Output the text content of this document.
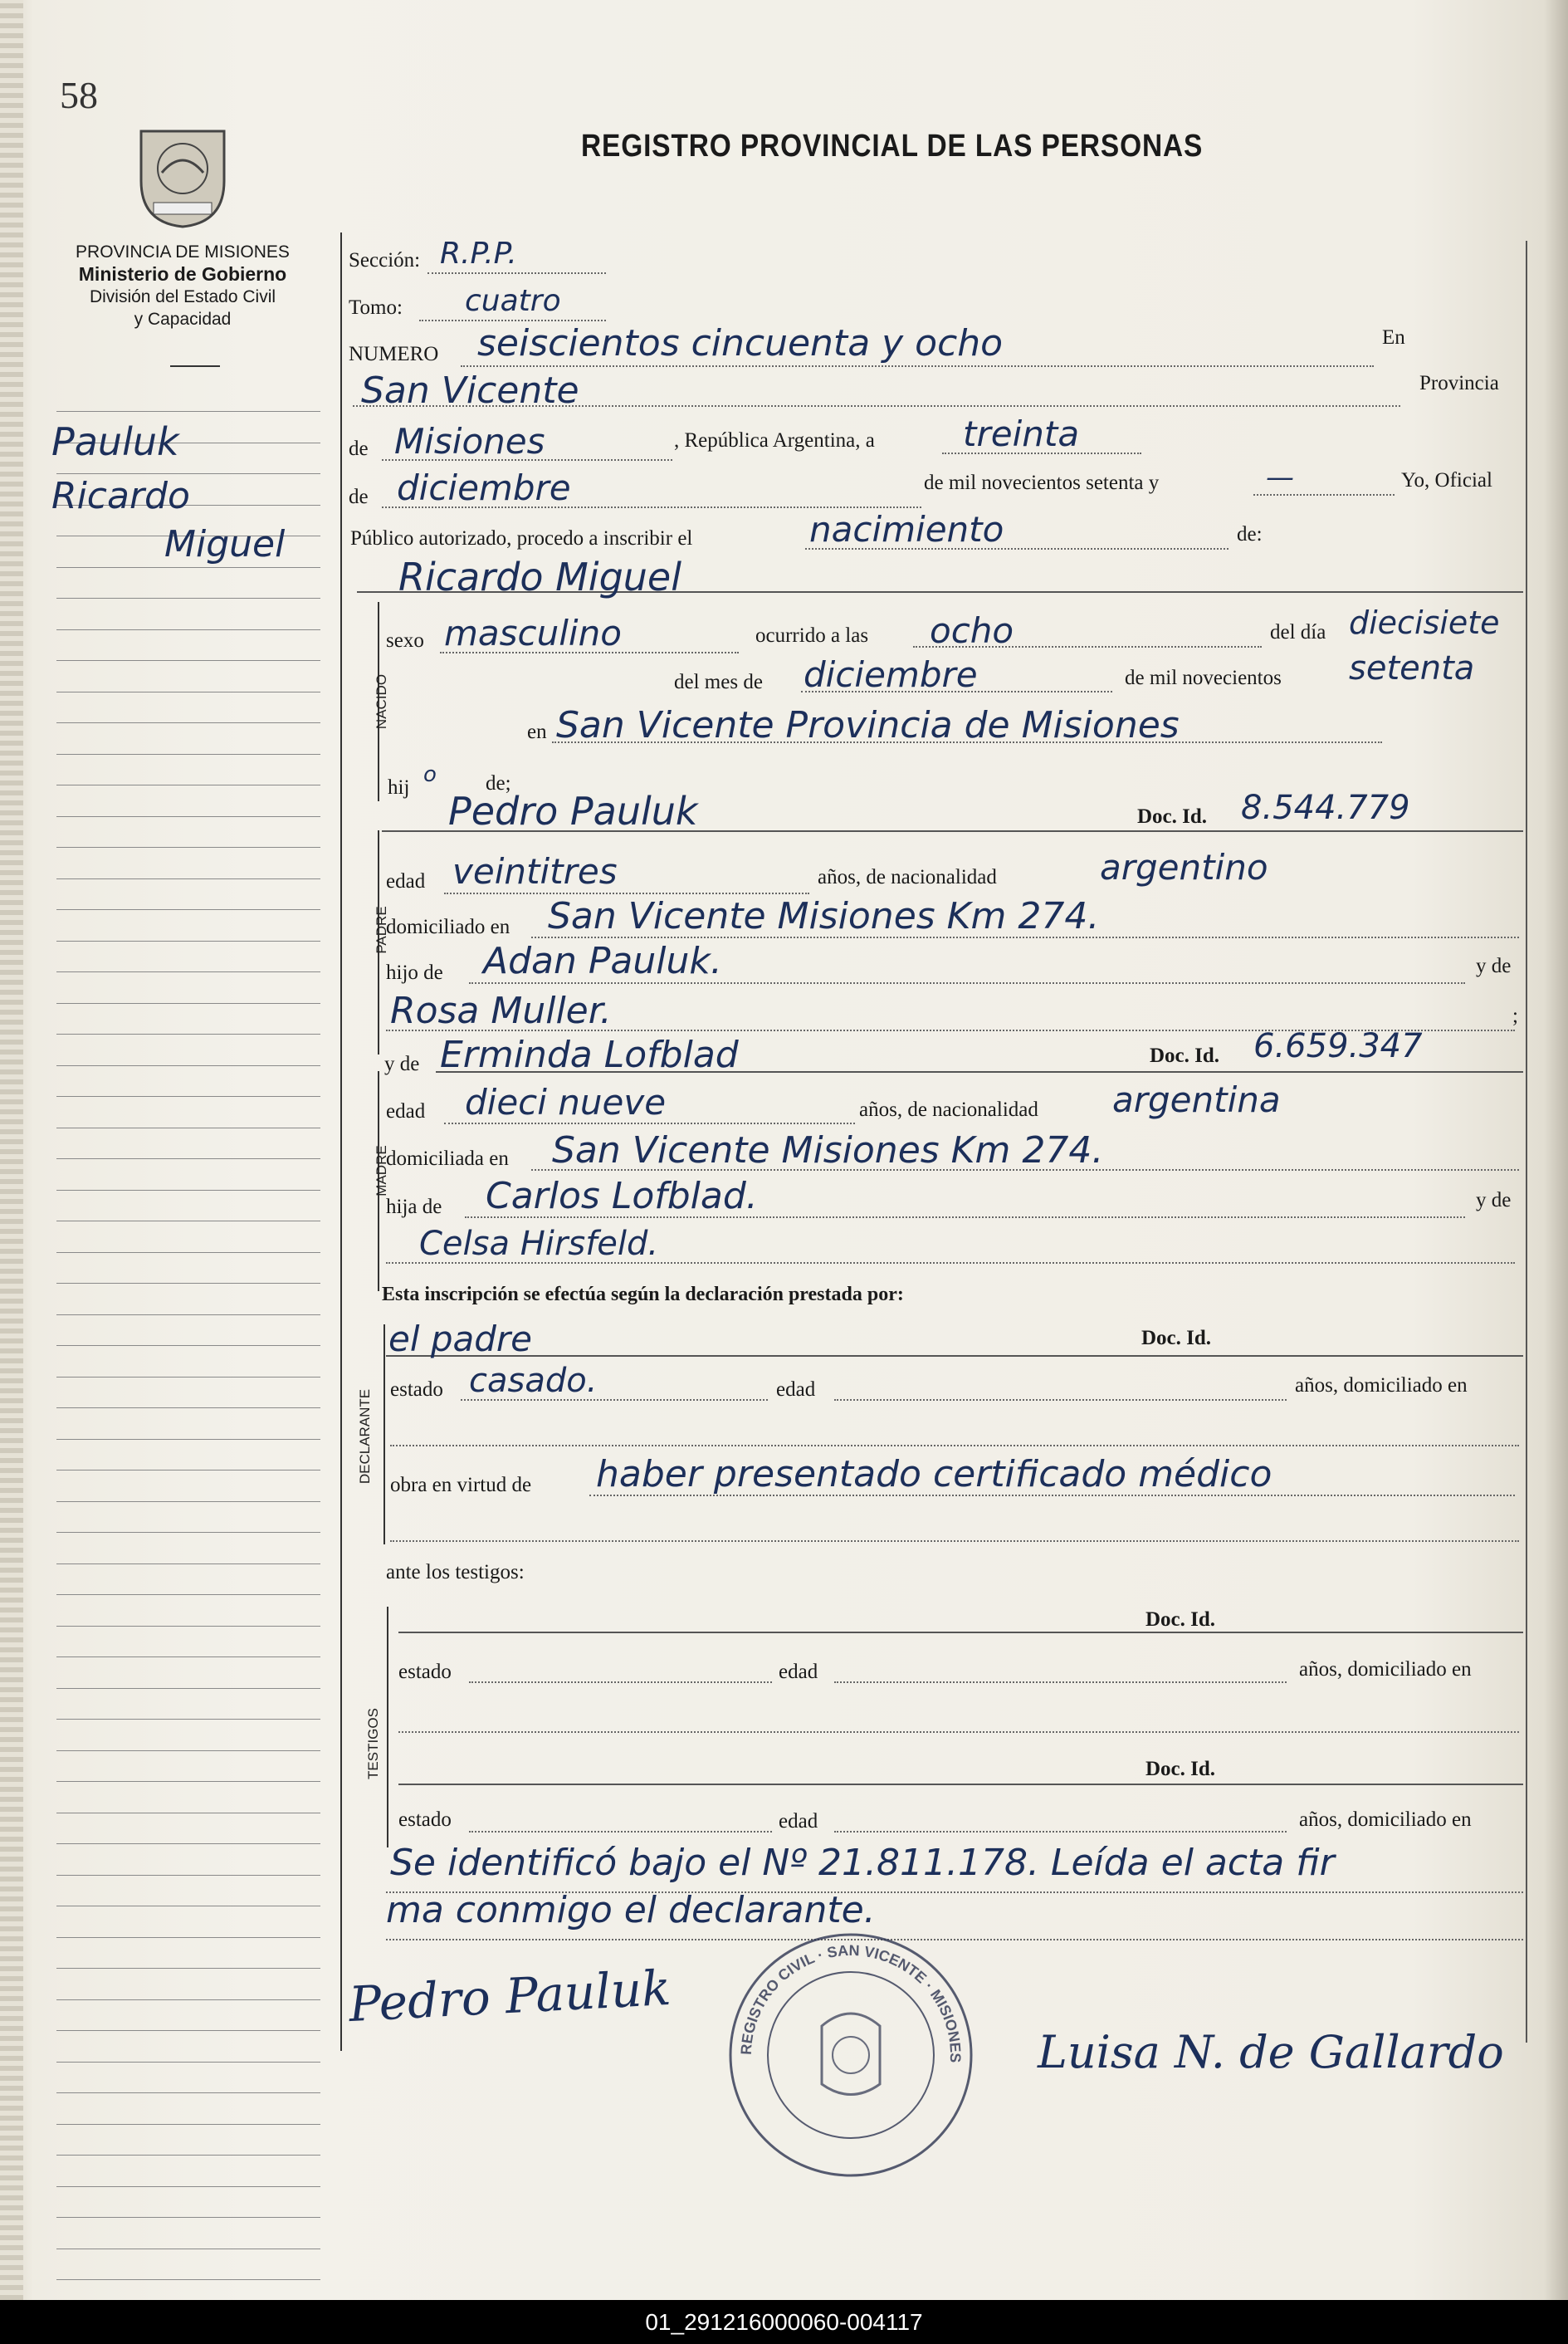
58
PROVINCIA DE MISIONES
Ministerio de Gobierno
División del Estado Civil
y Capacidad
REGISTRO PROVINCIAL DE LAS PERSONAS
Pauluk
Ricardo
Miguel
Sección: R.P.P.
Tomo: cuatro
NUMERO seiscientos cincuenta y ocho	En
San Vicente	Provincia
de Misiones	, República Argentina, a	treinta
de diciembre	de mil novecientos setenta y	—	Yo, Oficial
Público autorizado, procedo a inscribir el	nacimiento	de:
Ricardo Miguel
NACIDO
sexo masculino	ocurrido a las ocho	del día diecisiete
del mes de diciembre	de mil novecientos setenta
en San Vicente Provincia de Misiones
hij
o de;
Pedro Pauluk	Doc. Id. 8.544.779
PADRE
edad veintitres	años, de nacionalidad	argentino
domiciliado en San Vicente Misiones Km 274.
hijo de Adan Pauluk.	y de
Rosa Muller.	;
y de Erminda Lofblad	Doc. Id. 6.659.347
MADRE
edad dieci nueve	años, de nacionalidad argentina
domiciliada en San Vicente Misiones Km 274.
hija de Carlos Lofblad.	y de
Celsa Hirsfeld.
Esta inscripción se efectúa según la declaración prestada por:
el padre	Doc. Id.
DECLARANTE estado casado.	edad	años, domiciliado en
obra en virtud de haber presentado certificado médico
ante los testigos:
TESTIGOS
Doc. Id.
estado	edad	años, domiciliado en
Doc. Id.
estado	edad	años, domiciliado en
Se identificó bajo el Nº 21.811.178. Leída el acta fir
ma conmigo el declarante.
Pedro Pauluk
Luisa N. de Gallardo
REGISTRO CIVIL · SAN VICENTE · MISIONES
01_291216000060-004117
